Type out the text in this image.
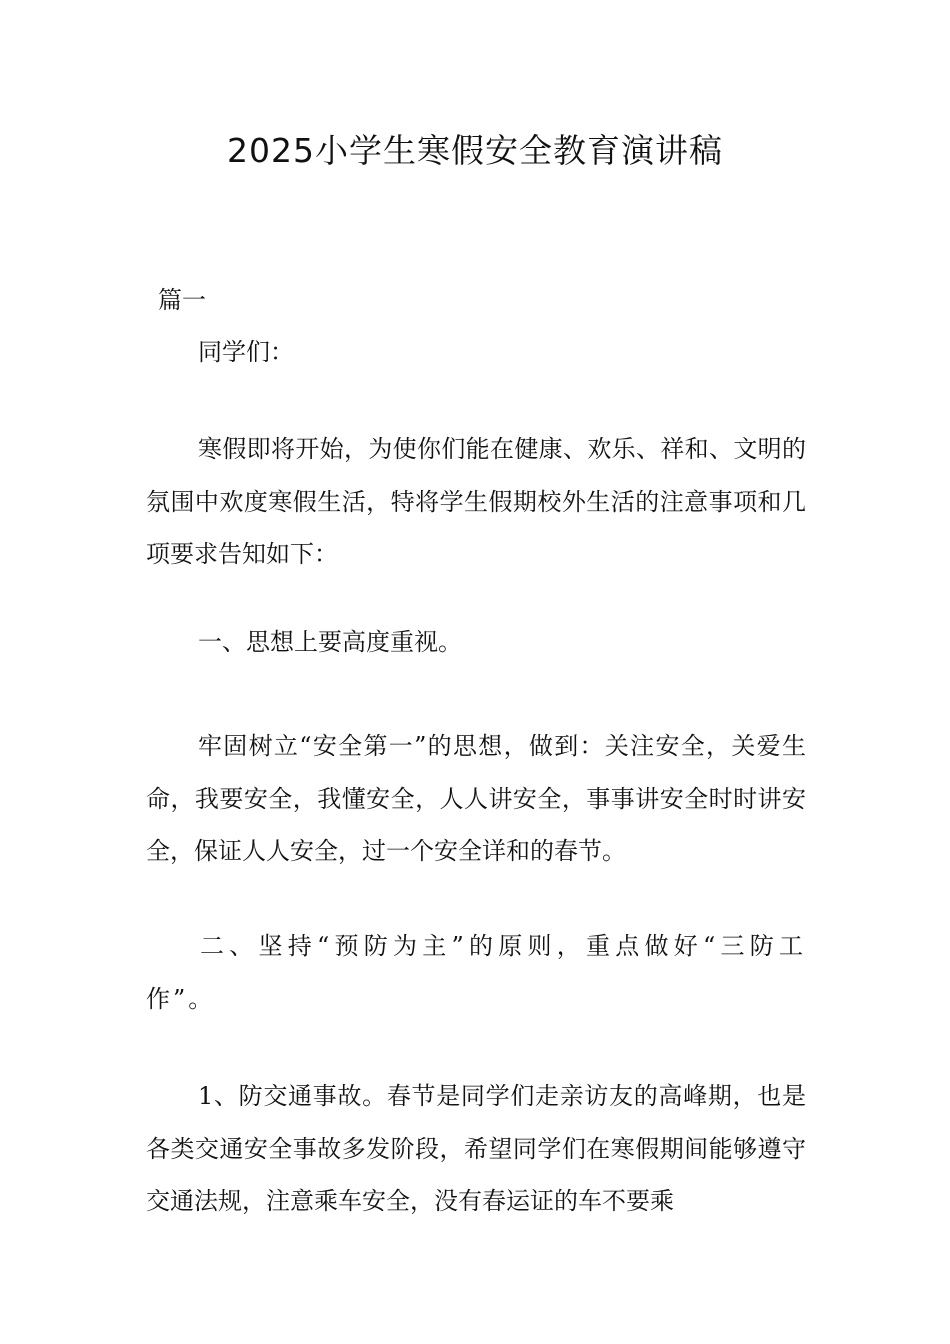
2025小学生寒假安全教育演讲稿
篇一
同学们：

寒假即将开始，为使你们能在健康、欢乐、祥和、文明的氛围中欢度寒假生活，特将学生假期校外生活的注意事项和几项要求告知如下：

一、思想上要高度重视。

牢固树立“安全第一”的思想，做到：关注安全，关爱生命，我要安全，我懂安全，人人讲安全，事事讲安全时时讲安全，保证人人安全，过一个安全详和的春节。

二、坚持“预防为主”的原则，重点做好“三防工作”。

1、防交通事故。春节是同学们走亲访友的高峰期，也是各类交通安全事故多发阶段，希望同学们在寒假期间能够遵守交通法规，注意乘车安全，没有春运证的车不要乘
